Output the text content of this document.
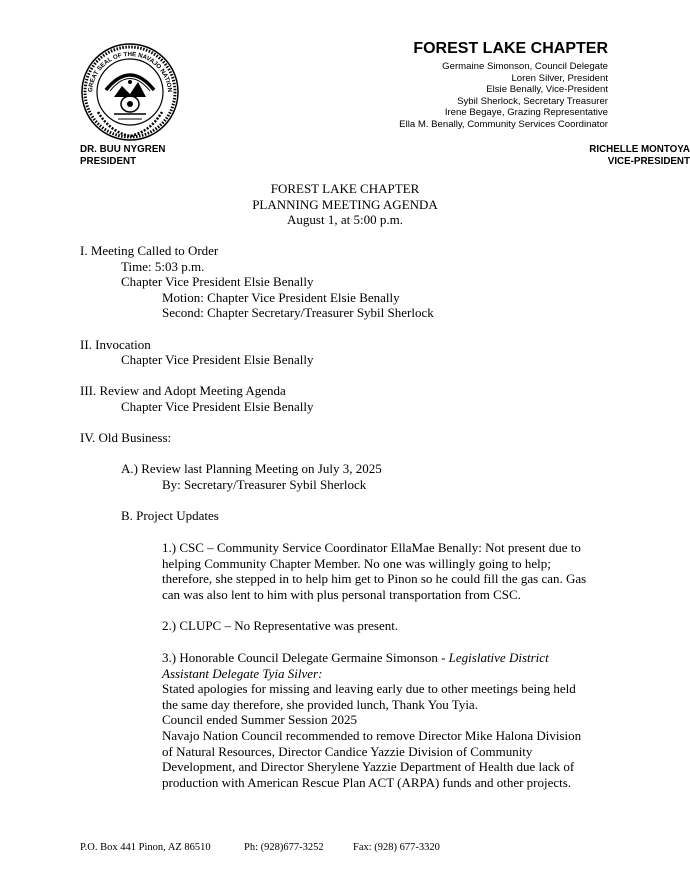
GREAT SEAL OF THE NAVAJO NATION
FOREST LAKE CHAPTER
Germaine Simonson, Council Delegate
Loren Silver, President
Elsie Benally, Vice-President
Sybil Sherlock, Secretary Treasurer
Irene Begaye, Grazing Representative
Ella M. Benally, Community Services Coordinator
DR. BUU NYGREN
PRESIDENT
RICHELLE MONTOYA
VICE-PRESIDENT
FOREST LAKE CHAPTER
PLANNING MEETING AGENDA
August 1, at 5:00 p.m.
I. Meeting Called to Order
Time: 5:03 p.m.
Chapter Vice President Elsie Benally
Motion: Chapter Vice President Elsie Benally
Second: Chapter Secretary/Treasurer Sybil Sherlock
II. Invocation
Chapter Vice President Elsie Benally
III. Review and Adopt Meeting Agenda
Chapter Vice President Elsie Benally
IV. Old Business:
A.) Review last Planning Meeting on July 3, 2025
By: Secretary/Treasurer Sybil Sherlock
B. Project Updates
1.) CSC – Community Service Coordinator EllaMae Benally: Not present due to
helping Community Chapter Member. No one was willingly going to help;
therefore, she stepped in to help him get to Pinon so he could fill the gas can. Gas
can was also lent to him with plus personal transportation from CSC.
2.) CLUPC – No Representative was present.
3.) Honorable Council Delegate Germaine Simonson - Legislative District
Assistant Delegate Tyia Silver:
Stated apologies for missing and leaving early due to other meetings being held
the same day therefore, she provided lunch, Thank You Tyia.
Council ended Summer Session 2025
Navajo Nation Council recommended to remove Director Mike Halona Division
of Natural Resources, Director Candice Yazzie Division of Community
Development, and Director Sherylene Yazzie Department of Health due lack of
production with American Rescue Plan ACT (ARPA) funds and other projects.
P.O. Box 441 Pinon, AZ 86510	Ph: (928)677-3252	Fax: (928) 677-3320
